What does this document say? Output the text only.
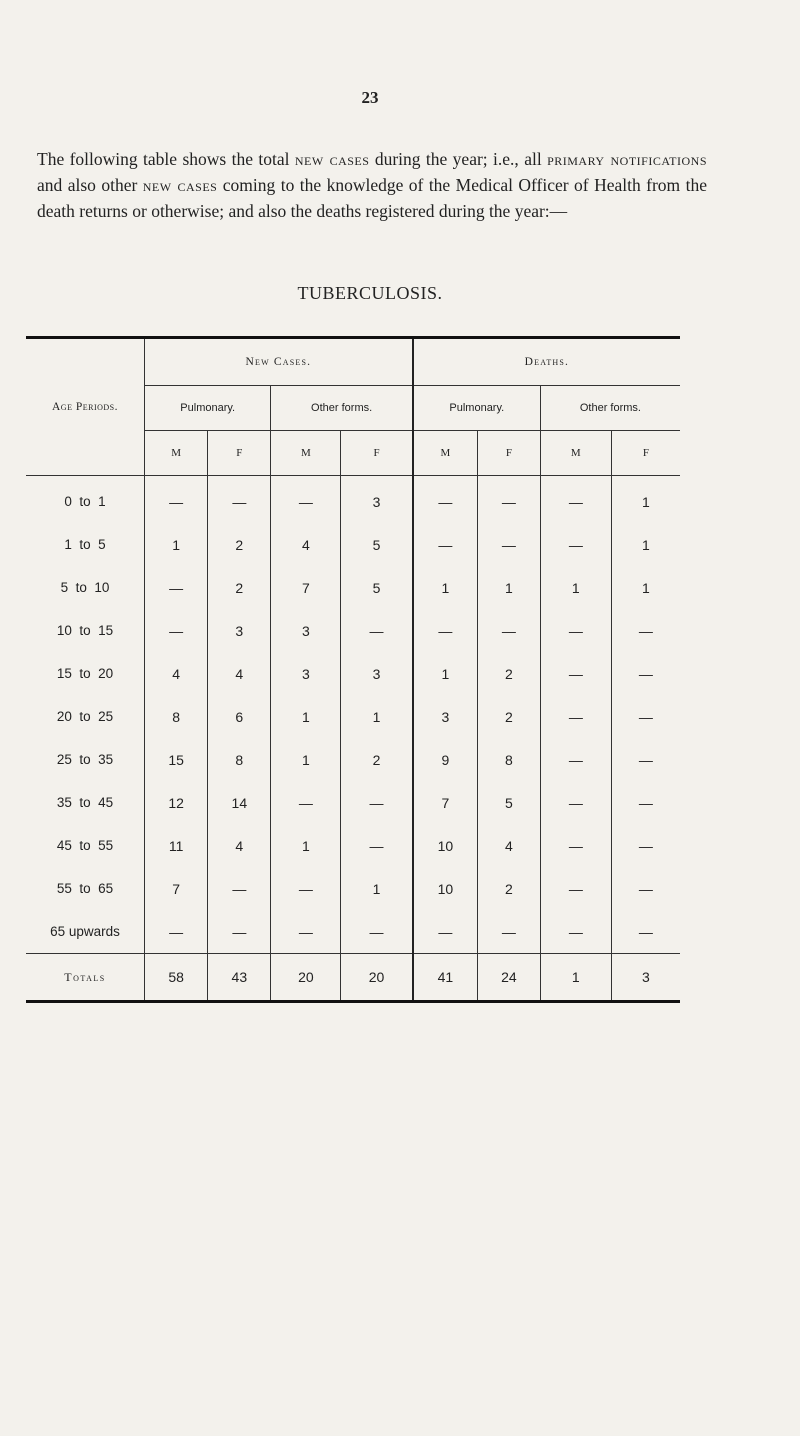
23

The following table shows the total new cases during the year; i.e., all primary notifications and also other new cases coming to the knowledge of the Medical Officer of Health from the death returns or otherwise; and also the deaths registered during the year:—

TUBERCULOSIS.
Age Periods.	New Cases.				Deaths.			
	Pulmonary.		Other forms.		Pulmonary.		Other forms.	
	M	F	M	F	M	F	M	F
0  to  1	—	—	—	3	—	—	—	1
1  to  5	1	2	4	5	—	—	—	1
5  to  10	—	2	7	5	1	1	1	1
10  to  15	—	3	3	—	—	—	—	—
15  to  20	4	4	3	3	1	2	—	—
20  to  25	8	6	1	1	3	2	—	—
25  to  35	15	8	1	2	9	8	—	—
35  to  45	12	14	—	—	7	5	—	—
45  to  55	11	4	1	—	10	4	—	—
55  to  65	7	—	—	1	10	2	—	—
65 upwards	—	—	—	—	—	—	—	—
Totals	58	43	20	20	41	24	1	3
